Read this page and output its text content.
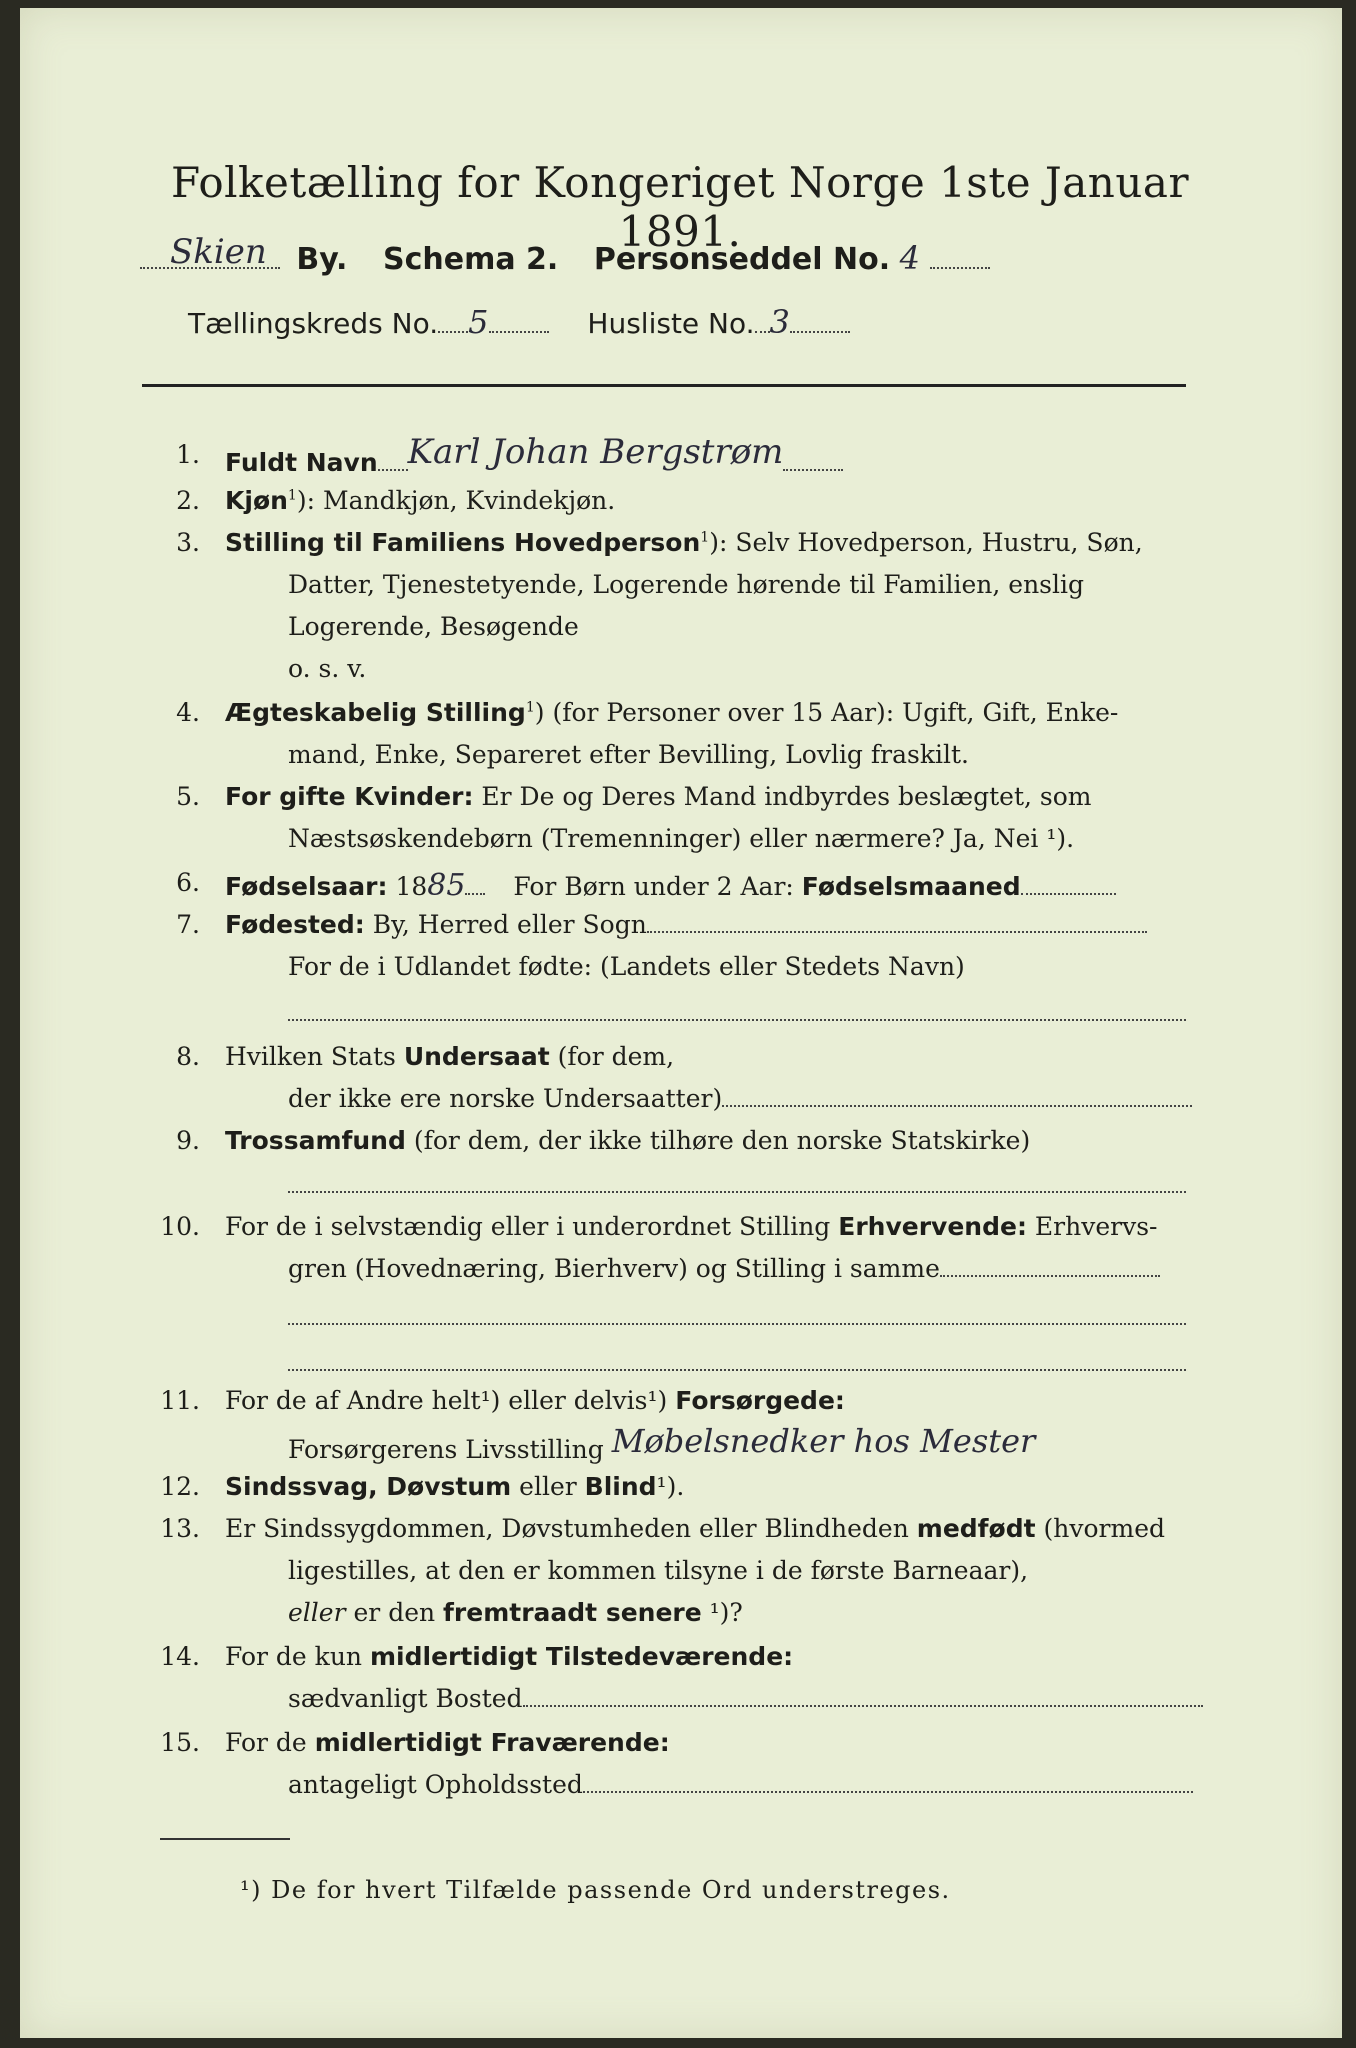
Folketælling for Kongeriget Norge 1ste Januar 1891.
Skien By. Schema 2. Personseddel No. 4
Tællingskreds No. 5	Husliste No. 3
1. Fuldt Navn Karl Johan Bergstrøm
2. Kjøn$^1$): Mandkjøn, Kvindekjøn.
3. Stilling til Familiens Hovedperson$^1$): Selv Hovedperson, Hustru, Søn,
Datter, Tjenestetyende, Logerende hørende til Familien, enslig
Logerende, Besøgende
o. s. v.
4. Ægteskabelig Stilling$^1$) (for Personer over 15 Aar): Ugift, Gift, Enke-
mand, Enke, Separeret efter Bevilling, Lovlig fraskilt.
5. For gifte Kvinder: Er De og Deres Mand indbyrdes beslægtet, som
Næstsøskendebørn (Tremenninger) eller nærmere? Ja, Nei ¹).
6. Fødselsaar: 1885 For Børn under 2 Aar: Fødselsmaaned
7. Fødested: By, Herred eller Sogn
For de i Udlandet fødte: (Landets eller Stedets Navn)
8. Hvilken Stats Undersaat (for dem,
der ikke ere norske Undersaatter)
9. Trossamfund (for dem, der ikke tilhøre den norske Statskirke)
10. For de i selvstændig eller i underordnet Stilling Erhvervende: Erhvervs-
gren (Hovednæring, Bierhverv) og Stilling i samme
11. For de af Andre helt¹) eller delvis¹) Forsørgede:
Forsørgerens Livsstilling Møbelsnedker hos Mester
12. Sindssvag, Døvstum eller Blind¹).
13. Er Sindssygdommen, Døvstumheden eller Blindheden medfødt (hvormed
ligestilles, at den er kommen tilsyne i de første Barneaar),
eller er den fremtraadt senere ¹)?
14. For de kun midlertidigt Tilstedeværende:
sædvanligt Bosted
15. For de midlertidigt Fraværende:
antageligt Opholdssted
¹) De for hvert Tilfælde passende Ord understreges.
